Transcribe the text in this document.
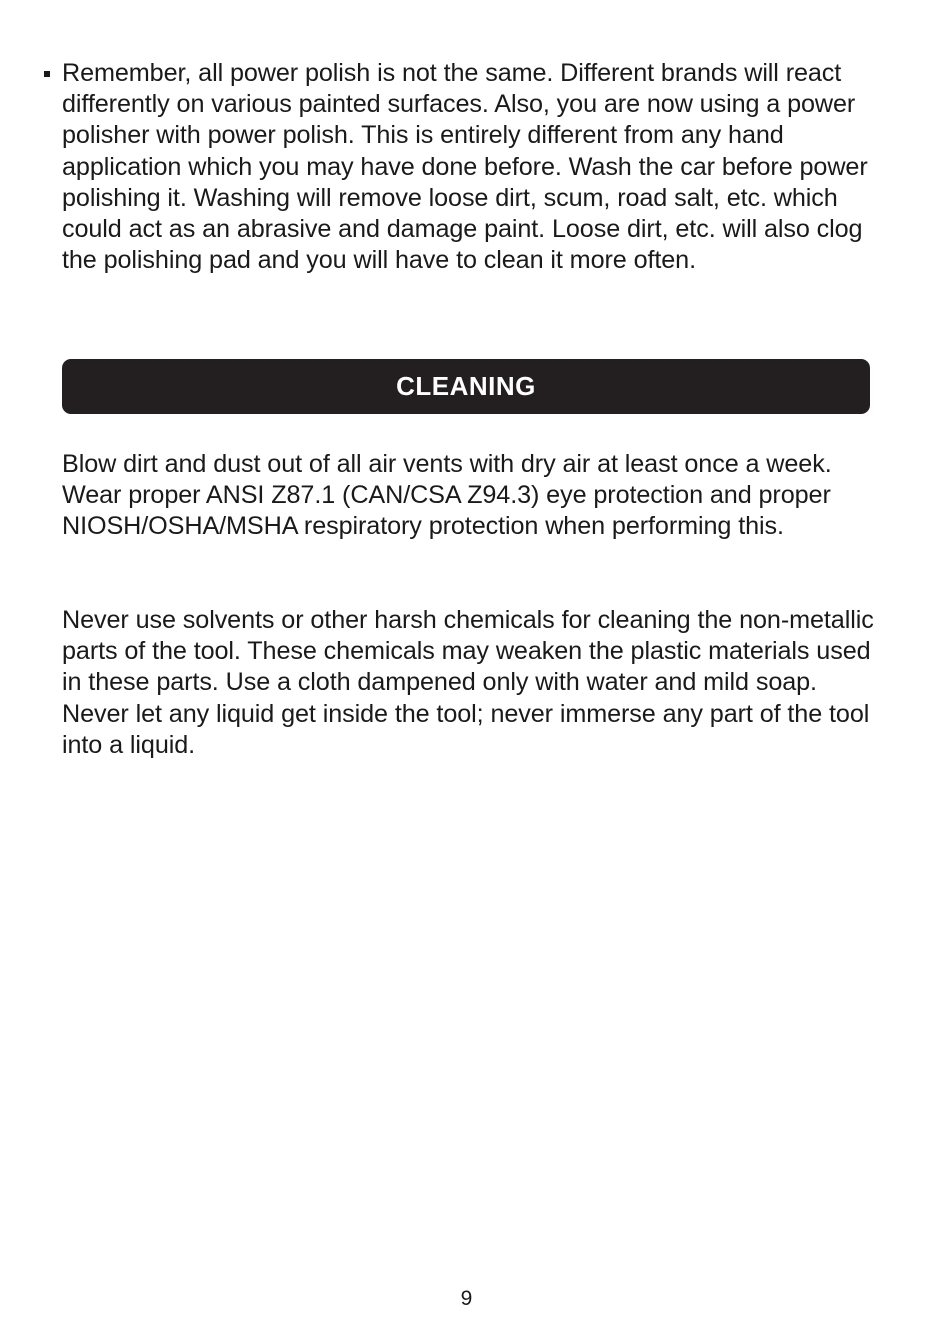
Remember, all power polish is not the same. Different brands will react differently on various painted surfaces. Also, you are now using a power polisher with power polish. This is entirely different from any hand application which you may have done before. Wash the car before power polishing it. Washing will remove loose dirt, scum, road salt, etc. which could act as an abrasive and damage paint. Loose dirt, etc. will also clog the polishing pad and you will have to clean it more often.

CLEANING

Blow dirt and dust out of all air vents with dry air at least once a week. Wear proper ANSI Z87.1 (CAN/CSA Z94.3) eye protection and proper NIOSH/OSHA/MSHA respiratory protection when performing this.

Never use solvents or other harsh chemicals for cleaning the non-metallic parts of the tool. These chemicals may weaken the plastic materials used in these parts. Use a cloth dampened only with water and mild soap. Never let any liquid get inside the tool; never immerse any part of the tool into a liquid.

9
